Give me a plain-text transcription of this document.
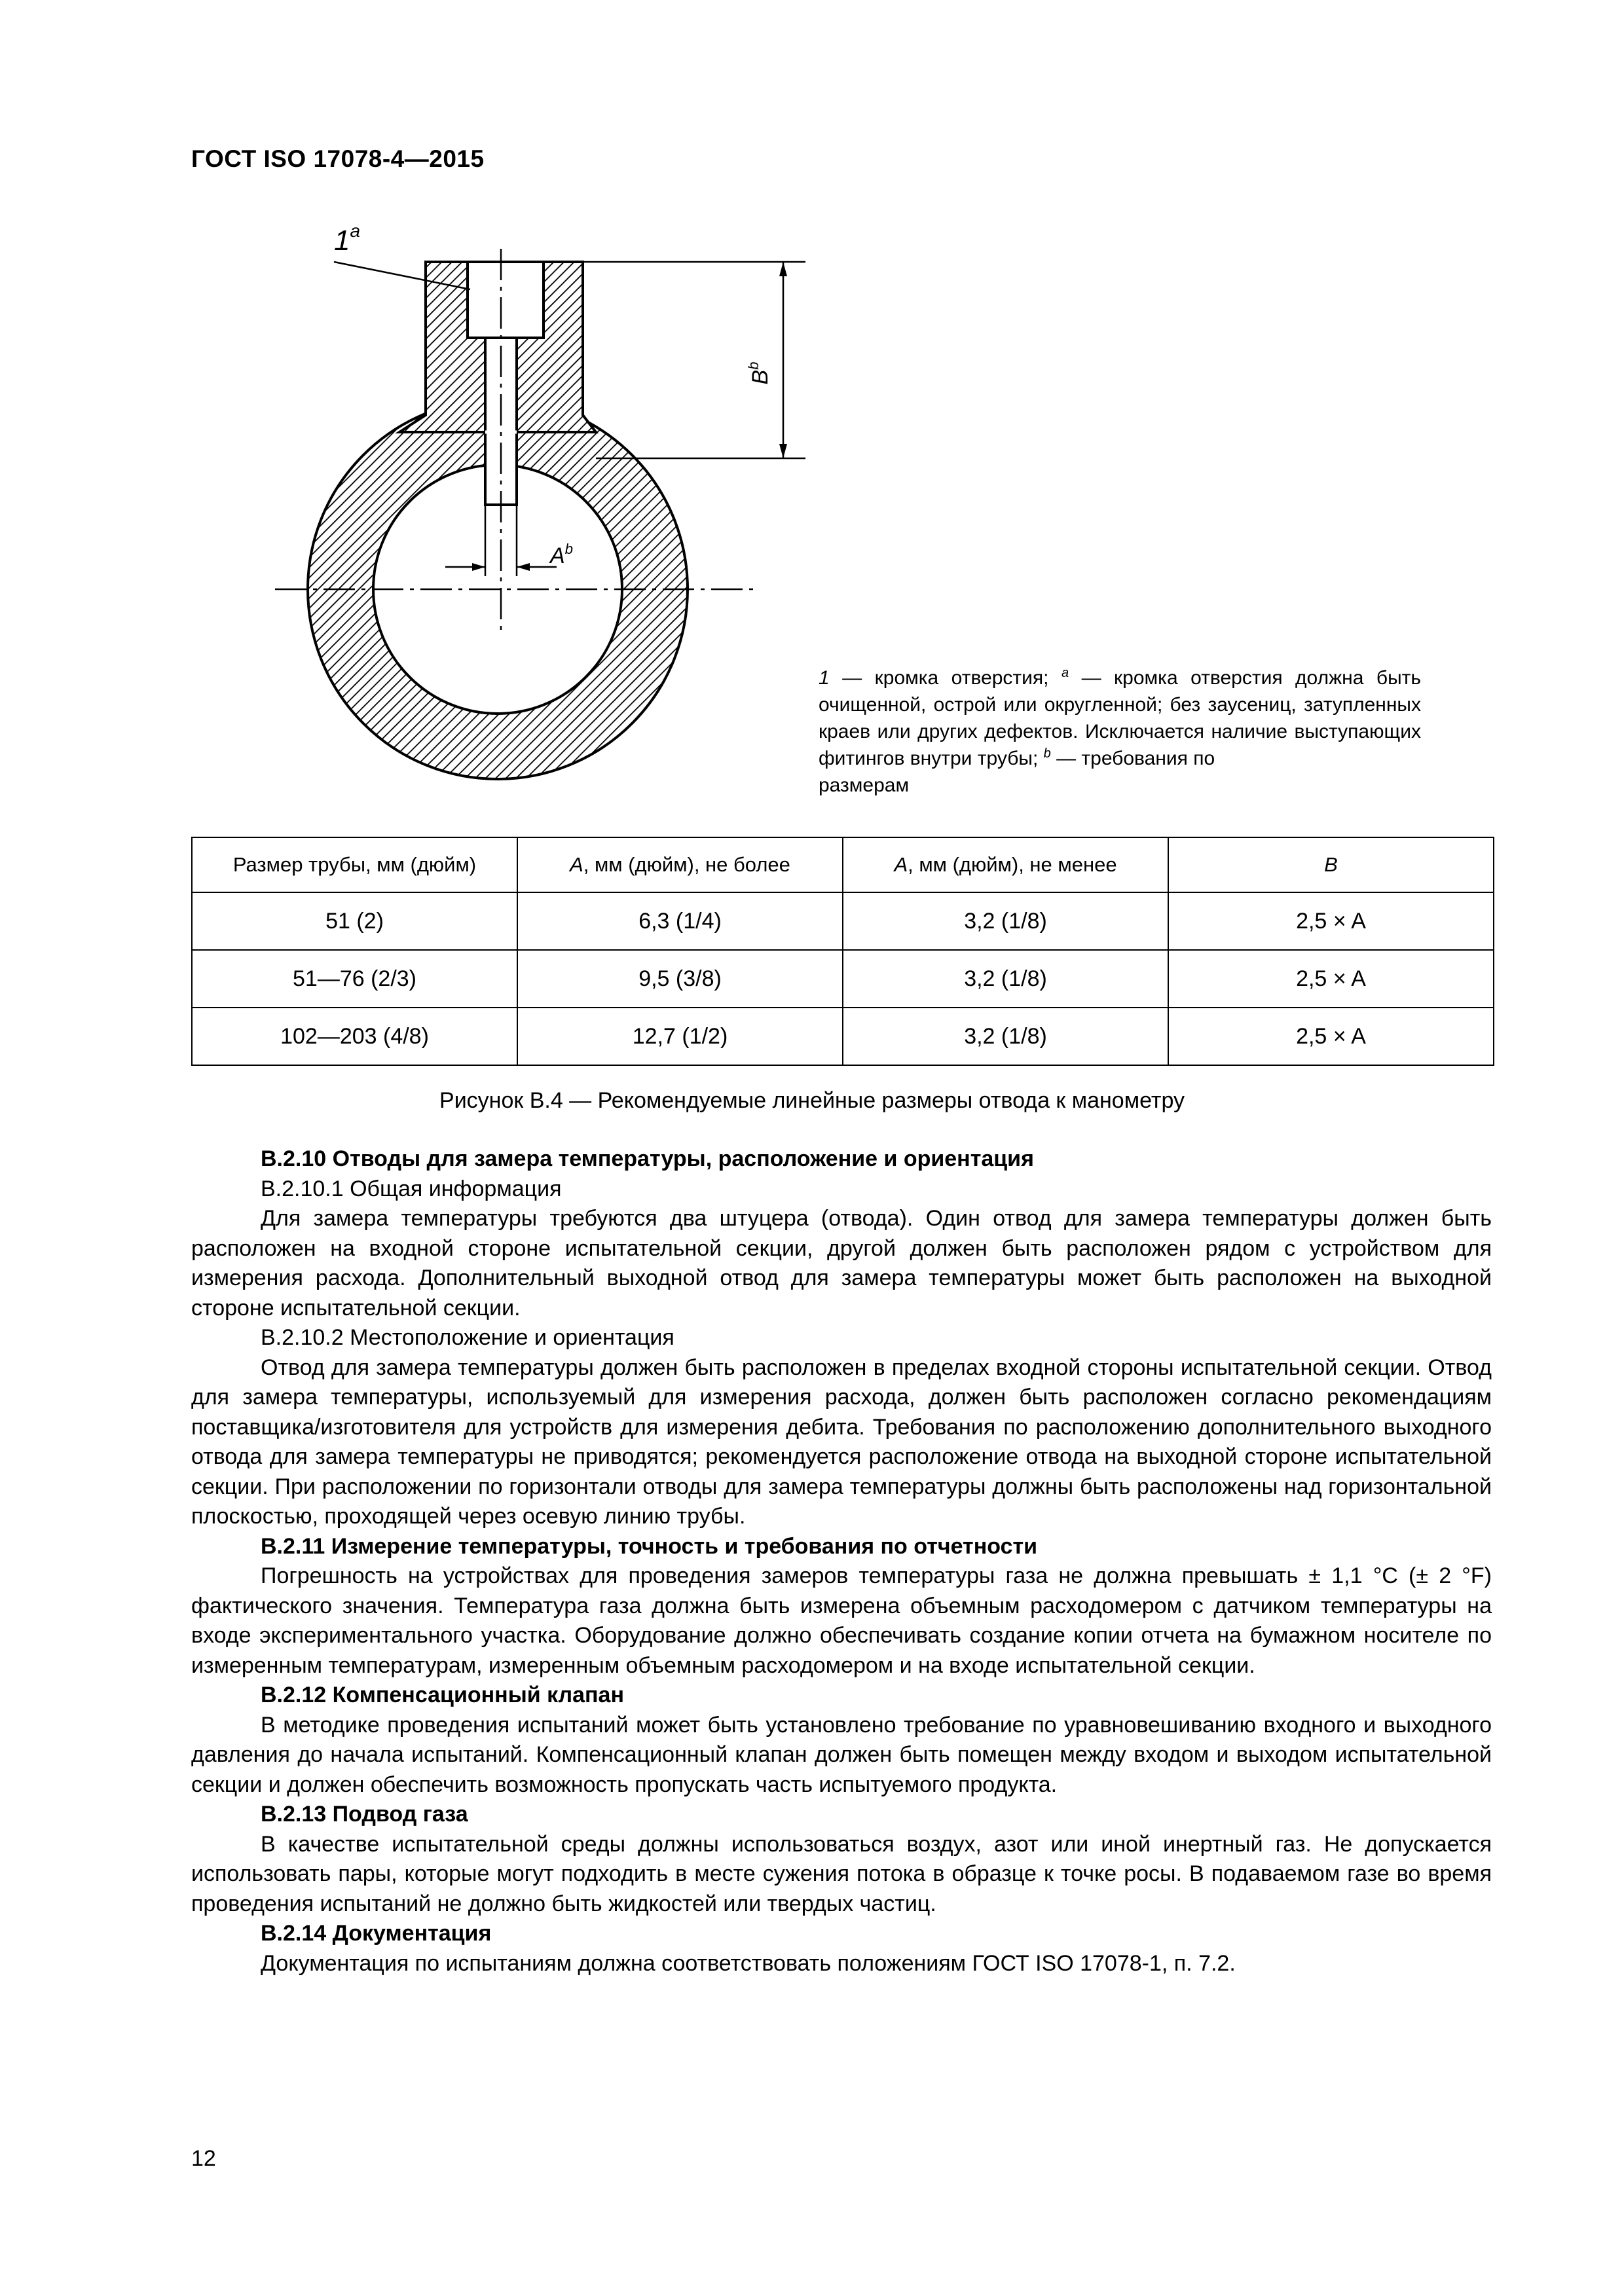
ГОСТ ISO 17078-4—2015
$B^b$
$A^b$
1$^a$
1 — кромка отверстия; $^a$ — кромка отверстия должна быть очищенной, острой или округленной; без заусениц, затупленных краев или других дефектов. Исключается наличие выступающих фитингов внутри трубы; $^b$ — требования по
размерам
Размер трубы, мм (дюйм)	A, мм (дюйм), не более	A, мм (дюйм), не менее	B
51 (2)	6,3 (1/4)	3,2 (1/8)	2,5 × A
51—76 (2/3)	9,5 (3/8)	3,2 (1/8)	2,5 × A
102—203 (4/8)	12,7 (1/2)	3,2 (1/8)	2,5 × A
Рисунок В.4 — Рекомендуемые линейные размеры отвода к манометру

В.2.10 Отводы для замера температуры, расположение и ориентация

В.2.10.1 Общая информация

Для замера температуры требуются два штуцера (отвода). Один отвод для замера температуры должен быть расположен на входной стороне испытательной секции, другой должен быть расположен рядом с устройством для измерения расхода. Дополнительный выходной отвод для замера температуры может быть расположен на выходной стороне испытательной секции.

В.2.10.2 Местоположение и ориентация

Отвод для замера температуры должен быть расположен в пределах входной стороны испытательной секции. Отвод для замера температуры, используемый для измерения расхода, должен быть расположен согласно рекомендациям поставщика/изготовителя для устройств для измерения дебита. Требования по расположению дополнительного выходного отвода для замера температуры не приводятся; рекомендуется расположение отвода на выходной стороне испытательной секции. При расположении по горизонтали отводы для замера температуры должны быть расположены над горизонтальной плоскостью, проходящей через осевую линию трубы.

В.2.11 Измерение температуры, точность и требования по отчетности

Погрешность на устройствах для проведения замеров температуры газа не должна превышать ± 1,1 °С (± 2 °F) фактического значения. Температура газа должна быть измерена объемным расходомером с датчиком температуры на входе экспериментального участка. Оборудование должно обеспечивать создание копии отчета на бумажном носителе по измеренным температурам, измеренным объемным расходомером и на входе испытательной секции.

В.2.12 Компенсационный клапан

В методике проведения испытаний может быть установлено требование по уравновешиванию входного и выходного давления до начала испытаний. Компенсационный клапан должен быть помещен между входом и выходом испытательной секции и должен обеспечить возможность пропускать часть испытуемого продукта.

В.2.13 Подвод газа

В качестве испытательной среды должны использоваться воздух, азот или иной инертный газ. Не допускается использовать пары, которые могут подходить в месте сужения потока в образце к точке росы. В подаваемом газе во время проведения испытаний не должно быть жидкостей или твердых частиц.

В.2.14 Документация

Документация по испытаниям должна соответствовать положениям ГОСТ ISO 17078-1, п. 7.2.

12
